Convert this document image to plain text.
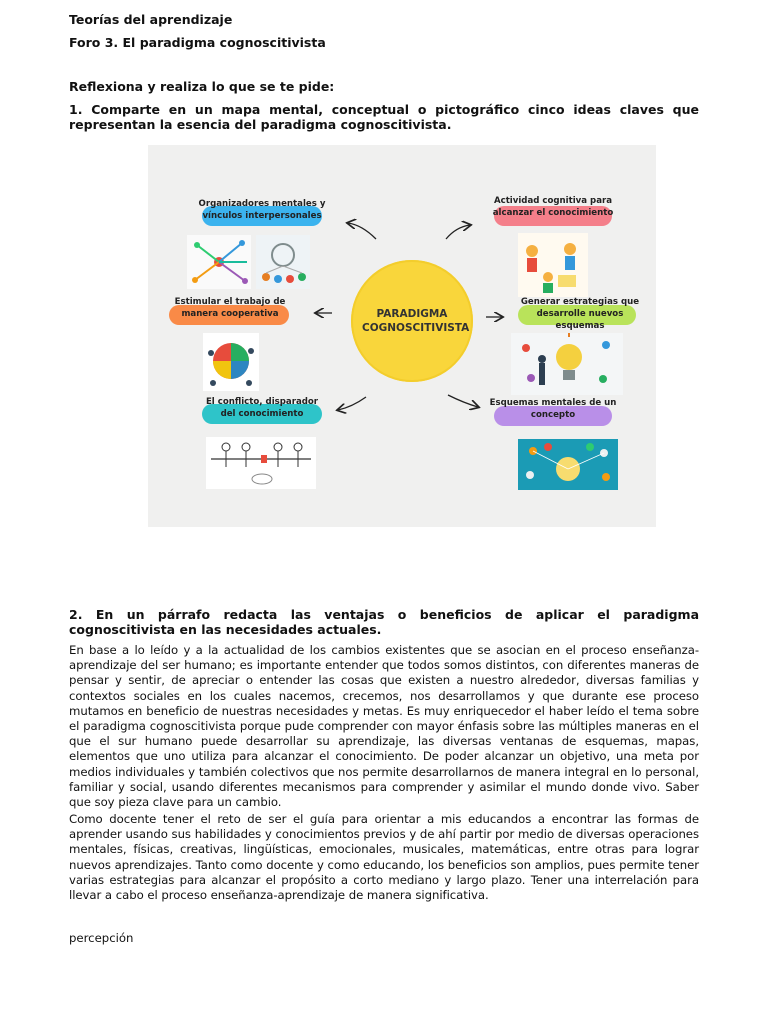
Teorías del aprendizaje
Foro 3. El paradigma cognoscitivista
Reflexiona y realiza lo que se te pide:
1. Comparte en un mapa mental, conceptual o pictográfico cinco ideas claves que representan la esencia del paradigma cognoscitivista.
2. En un párrafo redacta las ventajas o beneficios de aplicar el paradigma cognoscitivista en las necesidades actuales.
En base a lo leído y a la actualidad de los cambios existentes que se asocian en el proceso enseñanza-aprendizaje del ser humano; es importante entender que todos somos distintos, con diferentes maneras de pensar y sentir, de apreciar o entender las cosas que existen a nuestro alrededor, diversas familias y contextos sociales en los cuales nacemos, crecemos, nos desarrollamos y que durante ese proceso mutamos en beneficio de nuestras necesidades y metas. Es muy enriquecedor el haber leído el tema sobre el paradigma cognoscitivista porque pude comprender con mayor énfasis sobre las múltiples maneras en el que el sur humano puede desarrollar su aprendizaje, las diversas ventanas de esquemas, mapas, elementos que uno utiliza para alcanzar el conocimiento. De poder alcanzar un objetivo, una meta por medios individuales y también colectivos que nos permite desarrollarnos de manera integral en lo personal, familiar y social, usando diferentes mecanismos para comprender y asimilar el mundo donde vivo. Saber que soy pieza clave para un cambio.
Como docente tener el reto de ser el guía para orientar a mis educandos a encontrar las formas de aprender usando sus habilidades y conocimientos previos y de ahí partir por medio de diversas operaciones mentales, físicas, creativas, lingüísticas, emocionales, musicales, matemáticas, entre otras para lograr nuevos aprendizajes. Tanto como docente y como educando, los beneficios son amplios, pues permite tener varias estrategias para alcanzar el propósito a corto mediano y largo plazo. Tener una interrelación para llevar a cabo el proceso enseñanza-aprendizaje de manera significativa.
percepción
PARADIGMA COGNOSCITIVISTA
Organizadores mentales y vínculos interpersonales
Actividad cognitiva para alcanzar el conocimiento
Estimular el trabajo de manera cooperativa
Generar estrategias que desarrolle nuevos esquemas
El conflicto, disparador del conocimiento
Esquemas mentales de un concepto
